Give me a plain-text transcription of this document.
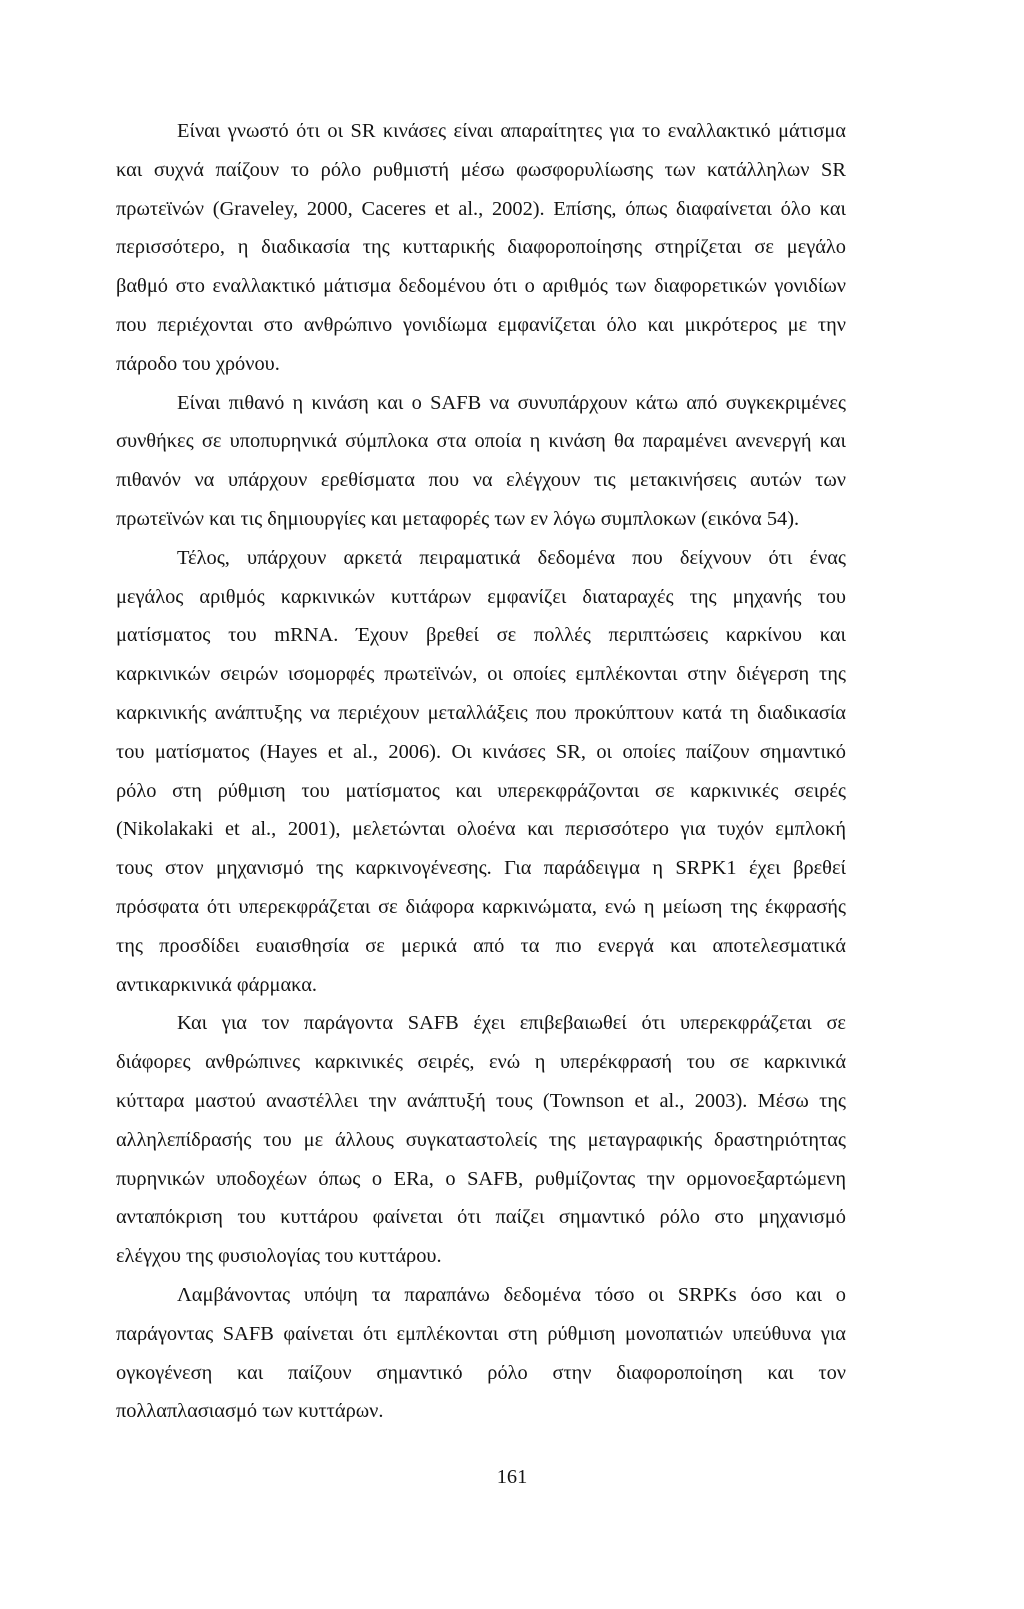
Είναι γνωστό ότι οι SR κινάσες είναι απαραίτητες για το εναλλακτικό μάτισμα
και συχνά παίζουν το ρόλο ρυθμιστή μέσω φωσφορυλίωσης των κατάλληλων SR
πρωτεϊνών (Graveley, 2000, Caceres et al., 2002). Επίσης, όπως διαφαίνεται όλο και
περισσότερο, η διαδικασία της κυτταρικής διαφοροποίησης στηρίζεται σε μεγάλο
βαθμό στο εναλλακτικό μάτισμα δεδομένου ότι ο αριθμός των διαφορετικών γονιδίων
που περιέχονται στο ανθρώπινο γονιδίωμα εμφανίζεται όλο και μικρότερος με την
πάροδο του χρόνου.
Είναι πιθανό η κινάση και ο SAFB να συνυπάρχουν κάτω από συγκεκριμένες
συνθήκες σε υποπυρηνικά σύμπλοκα στα οποία η κινάση θα παραμένει ανενεργή και
πιθανόν να υπάρχουν ερεθίσματα που να ελέγχουν τις μετακινήσεις αυτών των
πρωτεϊνών και τις δημιουργίες και μεταφορές των εν λόγω συμπλοκων (εικόνα 54).
Τέλος, υπάρχουν αρκετά πειραματικά δεδομένα που δείχνουν ότι ένας
μεγάλος αριθμός καρκινικών κυττάρων εμφανίζει διαταραχές της μηχανής του
ματίσματος του mRNA. Έχουν βρεθεί σε πολλές περιπτώσεις καρκίνου και
καρκινικών σειρών ισομορφές πρωτεϊνών, οι οποίες εμπλέκονται στην διέγερση της
καρκινικής ανάπτυξης να περιέχουν μεταλλάξεις που προκύπτουν κατά τη διαδικασία
του ματίσματος (Hayes et al., 2006). Οι κινάσες SR, οι οποίες παίζουν σημαντικό
ρόλο στη ρύθμιση του ματίσματος και υπερεκφράζονται σε καρκινικές σειρές
(Nikolakaki et al., 2001), μελετώνται ολοένα και περισσότερο για τυχόν εμπλοκή
τους στον μηχανισμό της καρκινογένεσης. Για παράδειγμα η SRPK1 έχει βρεθεί
πρόσφατα ότι υπερεκφράζεται σε διάφορα καρκινώματα, ενώ η μείωση της έκφρασής
της προσδίδει ευαισθησία σε μερικά από τα πιο ενεργά και αποτελεσματικά
αντικαρκινικά φάρμακα.
Και για τον παράγοντα SAFB έχει επιβεβαιωθεί ότι υπερεκφράζεται σε
διάφορες ανθρώπινες καρκινικές σειρές, ενώ η υπερέκφρασή του σε καρκινικά
κύτταρα μαστού αναστέλλει την ανάπτυξή τους (Townson et al., 2003). Μέσω της
αλληλεπίδρασής του με άλλους συγκαταστολείς της μεταγραφικής δραστηριότητας
πυρηνικών υποδοχέων όπως ο ERa, ο SAFB, ρυθμίζοντας την ορμονοεξαρτώμενη
ανταπόκριση του κυττάρου φαίνεται ότι παίζει σημαντικό ρόλο στο μηχανισμό
ελέγχου της φυσιολογίας του κυττάρου.
Λαμβάνοντας υπόψη τα παραπάνω δεδομένα τόσο οι SRPKs όσο και ο
παράγοντας SAFB φαίνεται ότι εμπλέκονται στη ρύθμιση μονοπατιών υπεύθυνα για
ογκογένεση και παίζουν σημαντικό ρόλο στην διαφοροποίηση και τον
πολλαπλασιασμό των κυττάρων.
161
